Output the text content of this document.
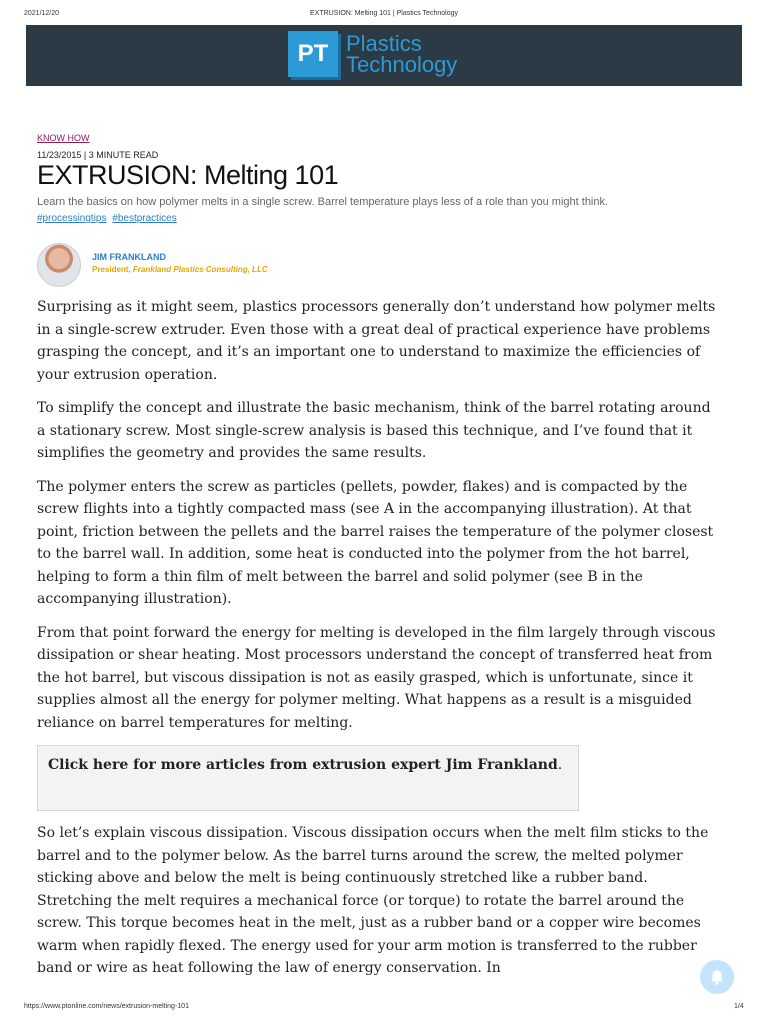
2021/12/20	EXTRUSION: Melting 101 | Plastics Technology
PT Plastics
Technology
KNOW HOW
11/23/2015 | 3 MINUTE READ
EXTRUSION: Melting 101
Learn the basics on how polymer melts in a single screw. Barrel temperature plays less of a role than you might think.
#processingtips #bestpractices
JIM FRANKLAND
President, Frankland Plastics Consulting, LLC

Surprising as it might seem, plastics processors generally don’t understand how polymer melts in a single-screw extruder. Even those with a great deal of practical experience have problems grasping the concept, and it’s an important one to understand to maximize the efficiencies of your extrusion operation.

To simplify the concept and illustrate the basic mechanism, think of the barrel rotating around a stationary screw. Most single-screw analysis is based this technique, and I’ve found that it simplifies the geometry and provides the same results.

The polymer enters the screw as particles (pellets, powder, flakes) and is compacted by the screw flights into a tightly compacted mass (see A in the accompanying illustration). At that point, friction between the pellets and the barrel raises the temperature of the polymer closest to the barrel wall. In addition, some heat is conducted into the polymer from the hot barrel, helping to form a thin film of melt between the barrel and solid polymer (see B in the accompanying illustration).

From that point forward the energy for melting is developed in the film largely through viscous dissipation or shear heating. Most processors understand the concept of transferred heat from the hot barrel, but viscous dissipation is not as easily grasped, which is unfortunate, since it supplies almost all the energy for polymer melting. What happens as a result is a misguided reliance on barrel temperatures for melting.

Click here for more articles from extrusion expert Jim Frankland.

So let’s explain viscous dissipation. Viscous dissipation occurs when the melt film sticks to the barrel and to the polymer below. As the barrel turns around the screw, the melted polymer sticking above and below the melt is being continuously stretched like a rubber band. Stretching the melt requires a mechanical force (or torque) to rotate the barrel around the screw. This torque becomes heat in the melt, just as a rubber band or a copper wire becomes warm when rapidly flexed. The energy used for your arm motion is transferred to the rubber band or wire as heat following the law of energy conservation. In

https://www.ptonline.com/news/extrusion-melting-101	1/4
